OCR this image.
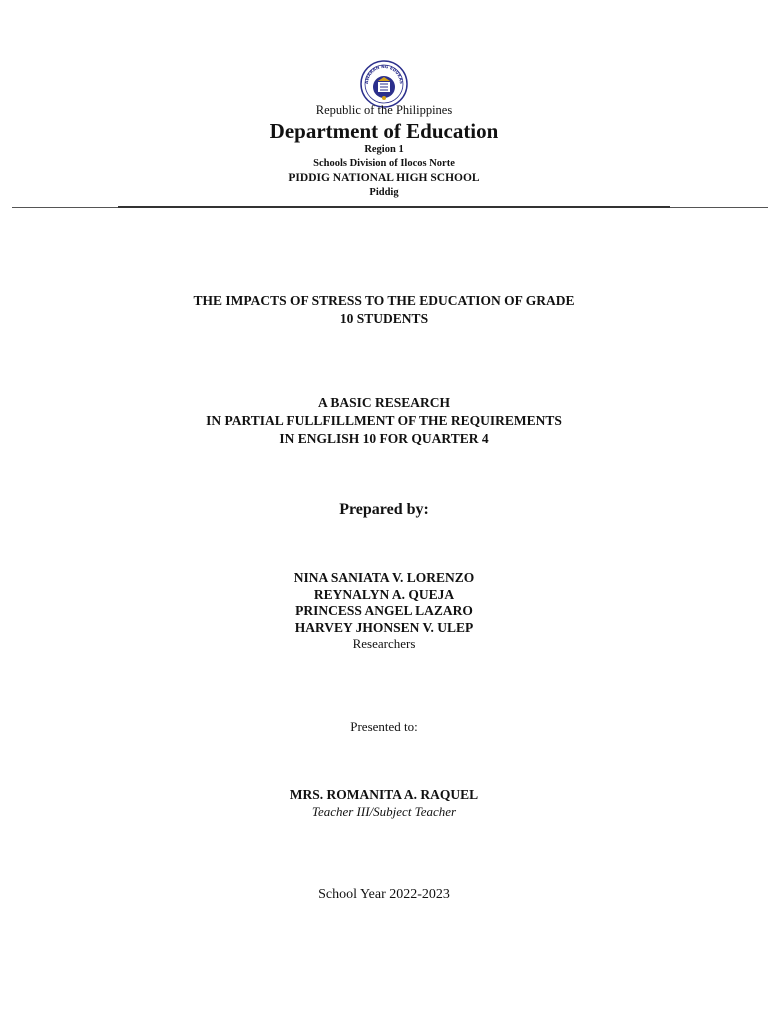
AWARAN NG EDUKAS
Republic of the Philippines
Department of Education
Region 1
Schools Division of Ilocos Norte
PIDDIG NATIONAL HIGH SCHOOL
Piddig
THE IMPACTS OF STRESS TO THE EDUCATION OF GRADE
10 STUDENTS
A BASIC RESEARCH
IN PARTIAL FULLFILLMENT OF THE REQUIREMENTS
IN ENGLISH 10 FOR QUARTER 4
Prepared by:
NINA SANIATA V. LORENZO
REYNALYN A. QUEJA
PRINCESS ANGEL LAZARO
HARVEY JHONSEN V. ULEP
Researchers
Presented to:
MRS. ROMANITA A. RAQUEL
Teacher III/Subject Teacher
School Year 2022-2023
